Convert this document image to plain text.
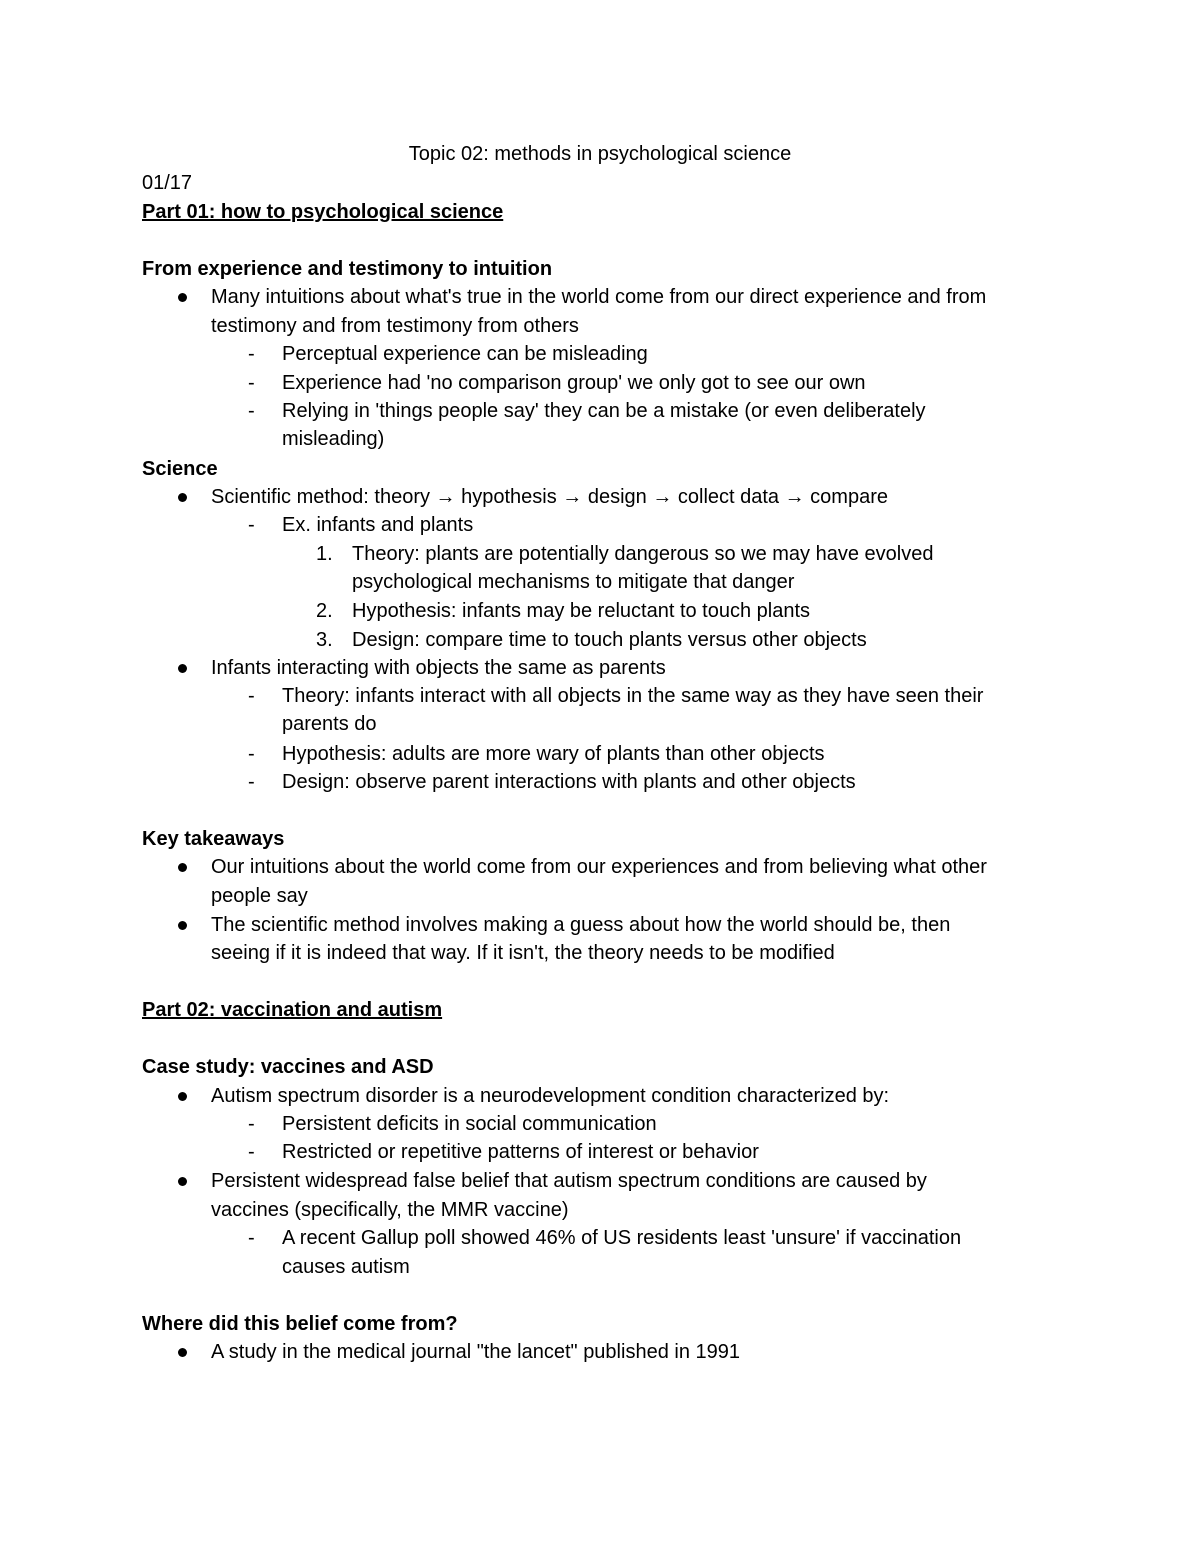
Topic 02: methods in psychological science
01/17
Part 01: how to psychological science
From experience and testimony to intuition
Many intuitions about what's true in the world come from our direct experience and from
testimony and from testimony from others
- Perceptual experience can be misleading
- Experience had 'no comparison group' we only got to see our own
- Relying in 'things people say' they can be a mistake (or even deliberately
misleading)
Science
Scientific method: theory → hypothesis → design → collect data → compare
- Ex. infants and plants
1. Theory: plants are potentially dangerous so we may have evolved
psychological mechanisms to mitigate that danger
2. Hypothesis: infants may be reluctant to touch plants
3. Design: compare time to touch plants versus other objects
Infants interacting with objects the same as parents
- Theory: infants interact with all objects in the same way as they have seen their
parents do
- Hypothesis: adults are more wary of plants than other objects
- Design: observe parent interactions with plants and other objects
Key takeaways
Our intuitions about the world come from our experiences and from believing what other
people say
The scientific method involves making a guess about how the world should be, then
seeing if it is indeed that way. If it isn't, the theory needs to be modified
Part 02: vaccination and autism
Case study: vaccines and ASD
Autism spectrum disorder is a neurodevelopment condition characterized by:
- Persistent deficits in social communication
- Restricted or repetitive patterns of interest or behavior
Persistent widespread false belief that autism spectrum conditions are caused by
vaccines (specifically, the MMR vaccine)
- A recent Gallup poll showed 46% of US residents least 'unsure' if vaccination
causes autism
Where did this belief come from?
A study in the medical journal "the lancet" published in 1991
